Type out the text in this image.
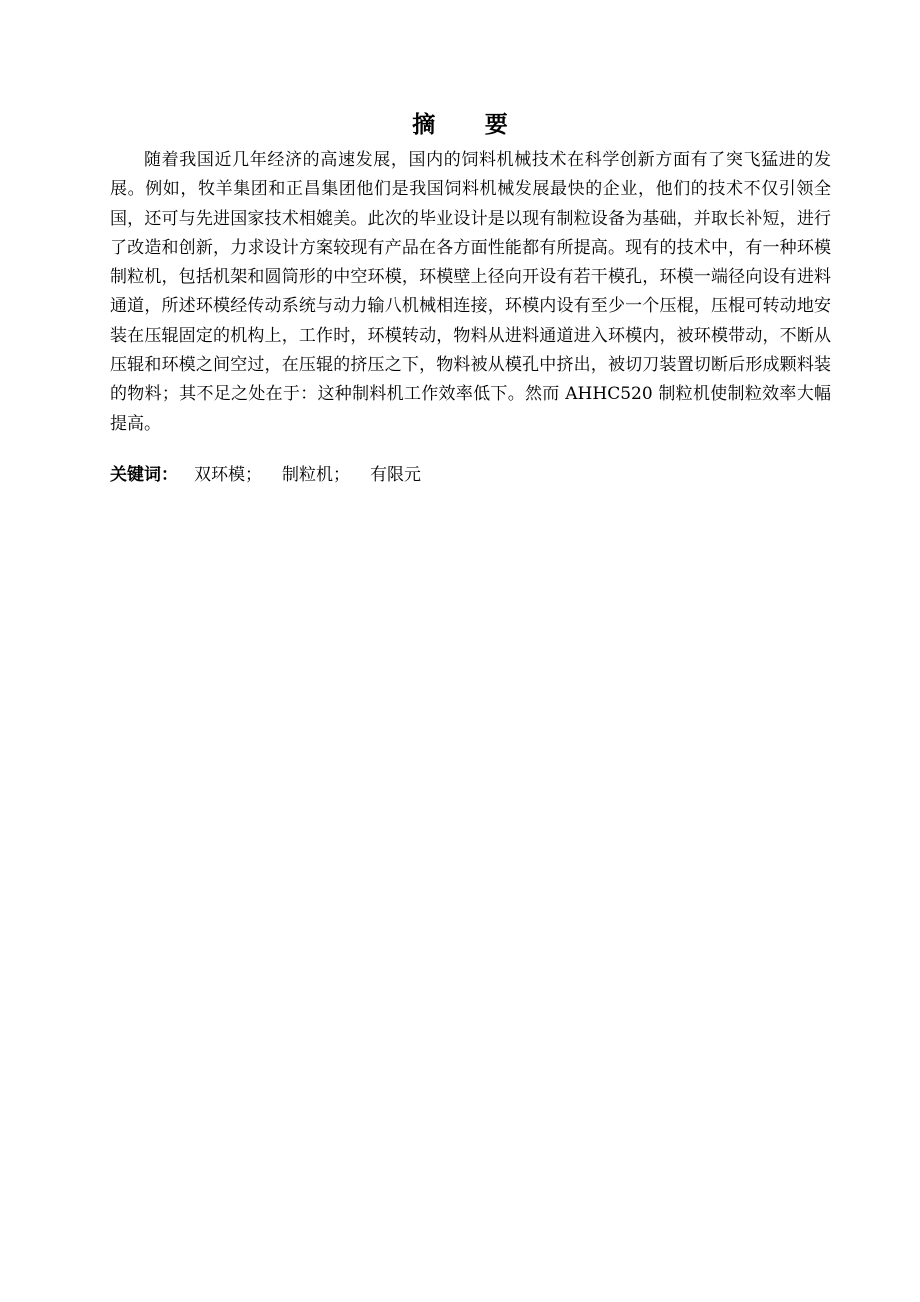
摘 要

随着我国近几年经济的高速发展，国内的饲料机械技术在科学创新方面有了突飞猛进的发展。例如，牧羊集团和正昌集团他们是我国饲料机械发展最快的企业，他们的技术不仅引领全国，还可与先进国家技术相媲美。此次的毕业设计是以现有制粒设备为基础，并取长补短，进行了改造和创新，力求设计方案较现有产品在各方面性能都有所提高。现有的技术中，有一种环模制粒机，包括机架和圆筒形的中空环模，环模壁上径向开设有若干模孔，环模一端径向设有进料通道，所述环模经传动系统与动力输八机械相连接，环模内设有至少一个压棍，压棍可转动地安装在压辊固定的机构上，工作时，环模转动，物料从进料通道进入环模内，被环模带动，不断从压辊和环模之间空过，在压辊的挤压之下，物料被从模孔中挤出，被切刀装置切断后形成颗料装的物料；其不足之处在于：这种制料机工作效率低下。然而 AHHC520 制粒机使制粒效率大幅提高。

关键词： 双环模； 制粒机； 有限元
